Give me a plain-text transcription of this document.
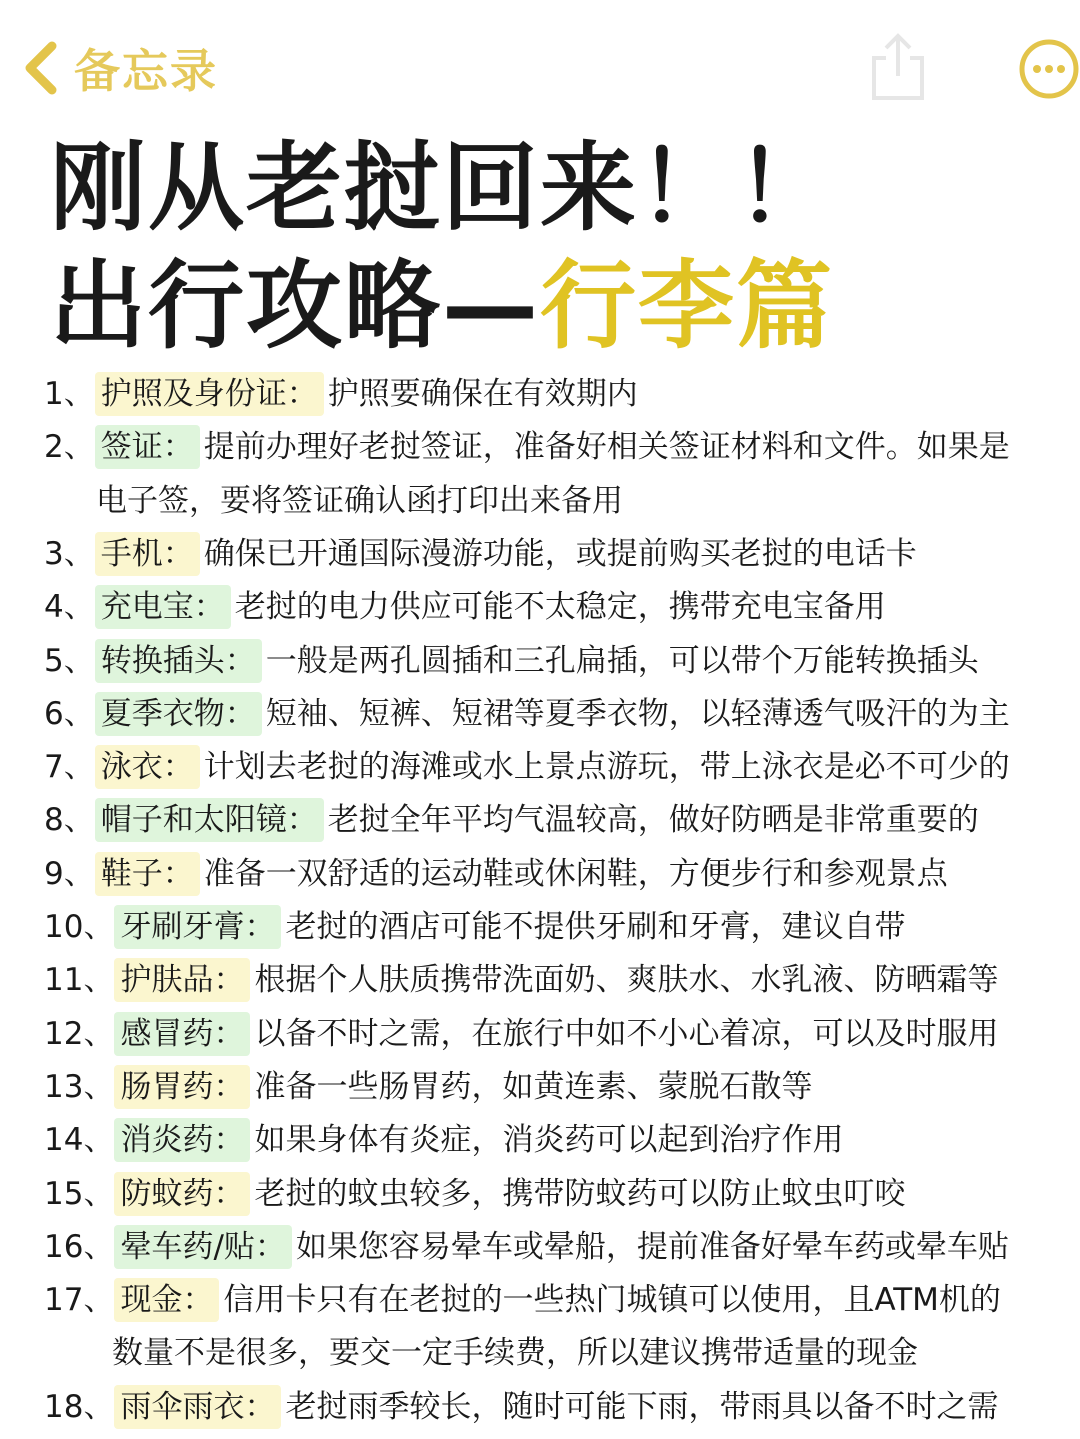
备忘录
刚从老挝回来！！
出行攻略—行李篇
1、 护照及身份证： 护照要确保在有效期内
2、 签证： 提前办理好老挝签证，准备好相关签证材料和文件。如果是
电子签，要将签证确认函打印出来备用
3、 手机： 确保已开通国际漫游功能，或提前购买老挝的电话卡
4、 充电宝： 老挝的电力供应可能不太稳定，携带充电宝备用
5、 转换插头： 一般是两孔圆插和三孔扁插，可以带个万能转换插头
6、 夏季衣物： 短袖、短裤、短裙等夏季衣物，以轻薄透气吸汗的为主
7、 泳衣： 计划去老挝的海滩或水上景点游玩，带上泳衣是必不可少的
8、 帽子和太阳镜： 老挝全年平均气温较高，做好防晒是非常重要的
9、 鞋子： 准备一双舒适的运动鞋或休闲鞋，方便步行和参观景点
10、 牙刷牙膏： 老挝的酒店可能不提供牙刷和牙膏，建议自带
11、 护肤品： 根据个人肤质携带洗面奶、爽肤水、水乳液、防晒霜等
12、 感冒药： 以备不时之需，在旅行中如不小心着凉，可以及时服用
13、 肠胃药： 准备一些肠胃药，如黄连素、蒙脱石散等
14、 消炎药： 如果身体有炎症，消炎药可以起到治疗作用
15、 防蚊药： 老挝的蚊虫较多，携带防蚊药可以防止蚊虫叮咬
16、 晕车药/贴： 如果您容易晕车或晕船，提前准备好晕车药或晕车贴
17、 现金： 信用卡只有在老挝的一些热门城镇可以使用，且ATM机的
数量不是很多，要交一定手续费，所以建议携带适量的现金
18、 雨伞雨衣： 老挝雨季较长，随时可能下雨，带雨具以备不时之需
